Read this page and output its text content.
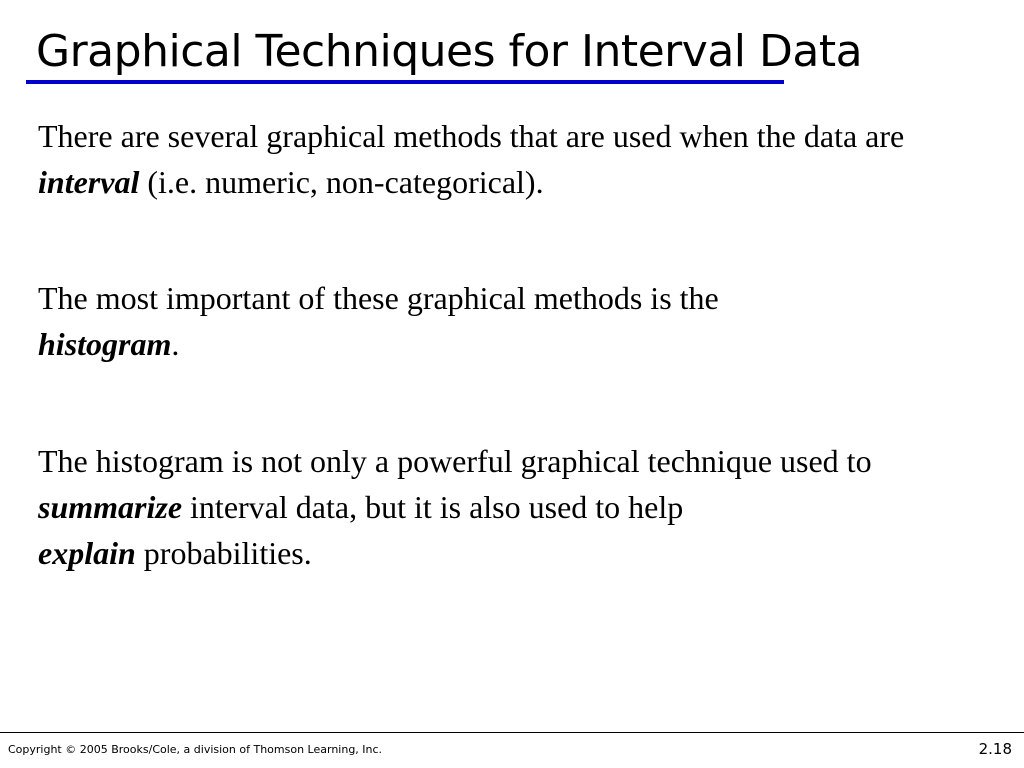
Graphical Techniques for Interval Data

There are several graphical methods that are used when the data are interval (i.e. numeric, non-categorical).

The most important of these graphical methods is the
histogram.

The histogram is not only a powerful graphical technique used to summarize interval data, but it is also used to help
explain probabilities.

Copyright © 2005 Brooks/Cole, a division of Thomson Learning, Inc.	2.18
